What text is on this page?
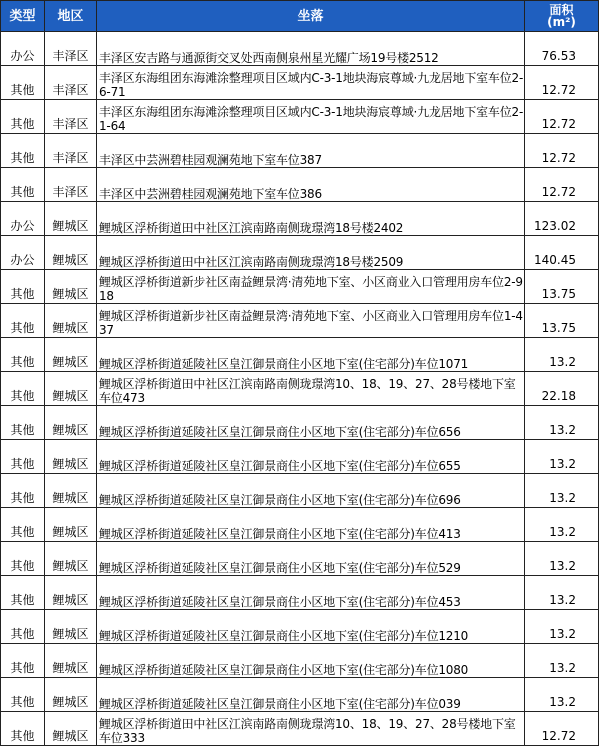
类型	地区	坐落	面积
(m²)
办公	丰泽区	丰泽区安吉路与通源街交叉处西南侧泉州星光耀广场19号楼2512	76.53
其他	丰泽区	丰泽区东海组团东海滩涂整理项目区域内C-3-1地块海宸尊域·九龙居地下室车位2-6-71	12.72
其他	丰泽区	丰泽区东海组团东海滩涂整理项目区域内C-3-1地块海宸尊域·九龙居地下室车位2-1-64	12.72
其他	丰泽区	丰泽区中芸洲碧桂园观澜苑地下室车位387	12.72
其他	丰泽区	丰泽区中芸洲碧桂园观澜苑地下室车位386	12.72
办公	鲤城区	鲤城区浮桥街道田中社区江滨南路南侧珑璟湾18号楼2402	123.02
办公	鲤城区	鲤城区浮桥街道田中社区江滨南路南侧珑璟湾18号楼2509	140.45
其他	鲤城区	鲤城区浮桥街道新步社区南益鲤景湾·清苑地下室、小区商业入口管理用房车位2-918	13.75
其他	鲤城区	鲤城区浮桥街道新步社区南益鲤景湾·清苑地下室、小区商业入口管理用房车位1-437	13.75
其他	鲤城区	鲤城区浮桥街道延陵社区皇江御景商住小区地下室(住宅部分)车位1071	13.2
其他	鲤城区	鲤城区浮桥街道田中社区江滨南路南侧珑璟湾10、18、19、27、28号楼地下室车位473	22.18
其他	鲤城区	鲤城区浮桥街道延陵社区皇江御景商住小区地下室(住宅部分)车位656	13.2
其他	鲤城区	鲤城区浮桥街道延陵社区皇江御景商住小区地下室(住宅部分)车位655	13.2
其他	鲤城区	鲤城区浮桥街道延陵社区皇江御景商住小区地下室(住宅部分)车位696	13.2
其他	鲤城区	鲤城区浮桥街道延陵社区皇江御景商住小区地下室(住宅部分)车位413	13.2
其他	鲤城区	鲤城区浮桥街道延陵社区皇江御景商住小区地下室(住宅部分)车位529	13.2
其他	鲤城区	鲤城区浮桥街道延陵社区皇江御景商住小区地下室(住宅部分)车位453	13.2
其他	鲤城区	鲤城区浮桥街道延陵社区皇江御景商住小区地下室(住宅部分)车位1210	13.2
其他	鲤城区	鲤城区浮桥街道延陵社区皇江御景商住小区地下室(住宅部分)车位1080	13.2
其他	鲤城区	鲤城区浮桥街道延陵社区皇江御景商住小区地下室(住宅部分)车位039	13.2
其他	鲤城区	鲤城区浮桥街道田中社区江滨南路南侧珑璟湾10、18、19、27、28号楼地下室车位333	12.72
